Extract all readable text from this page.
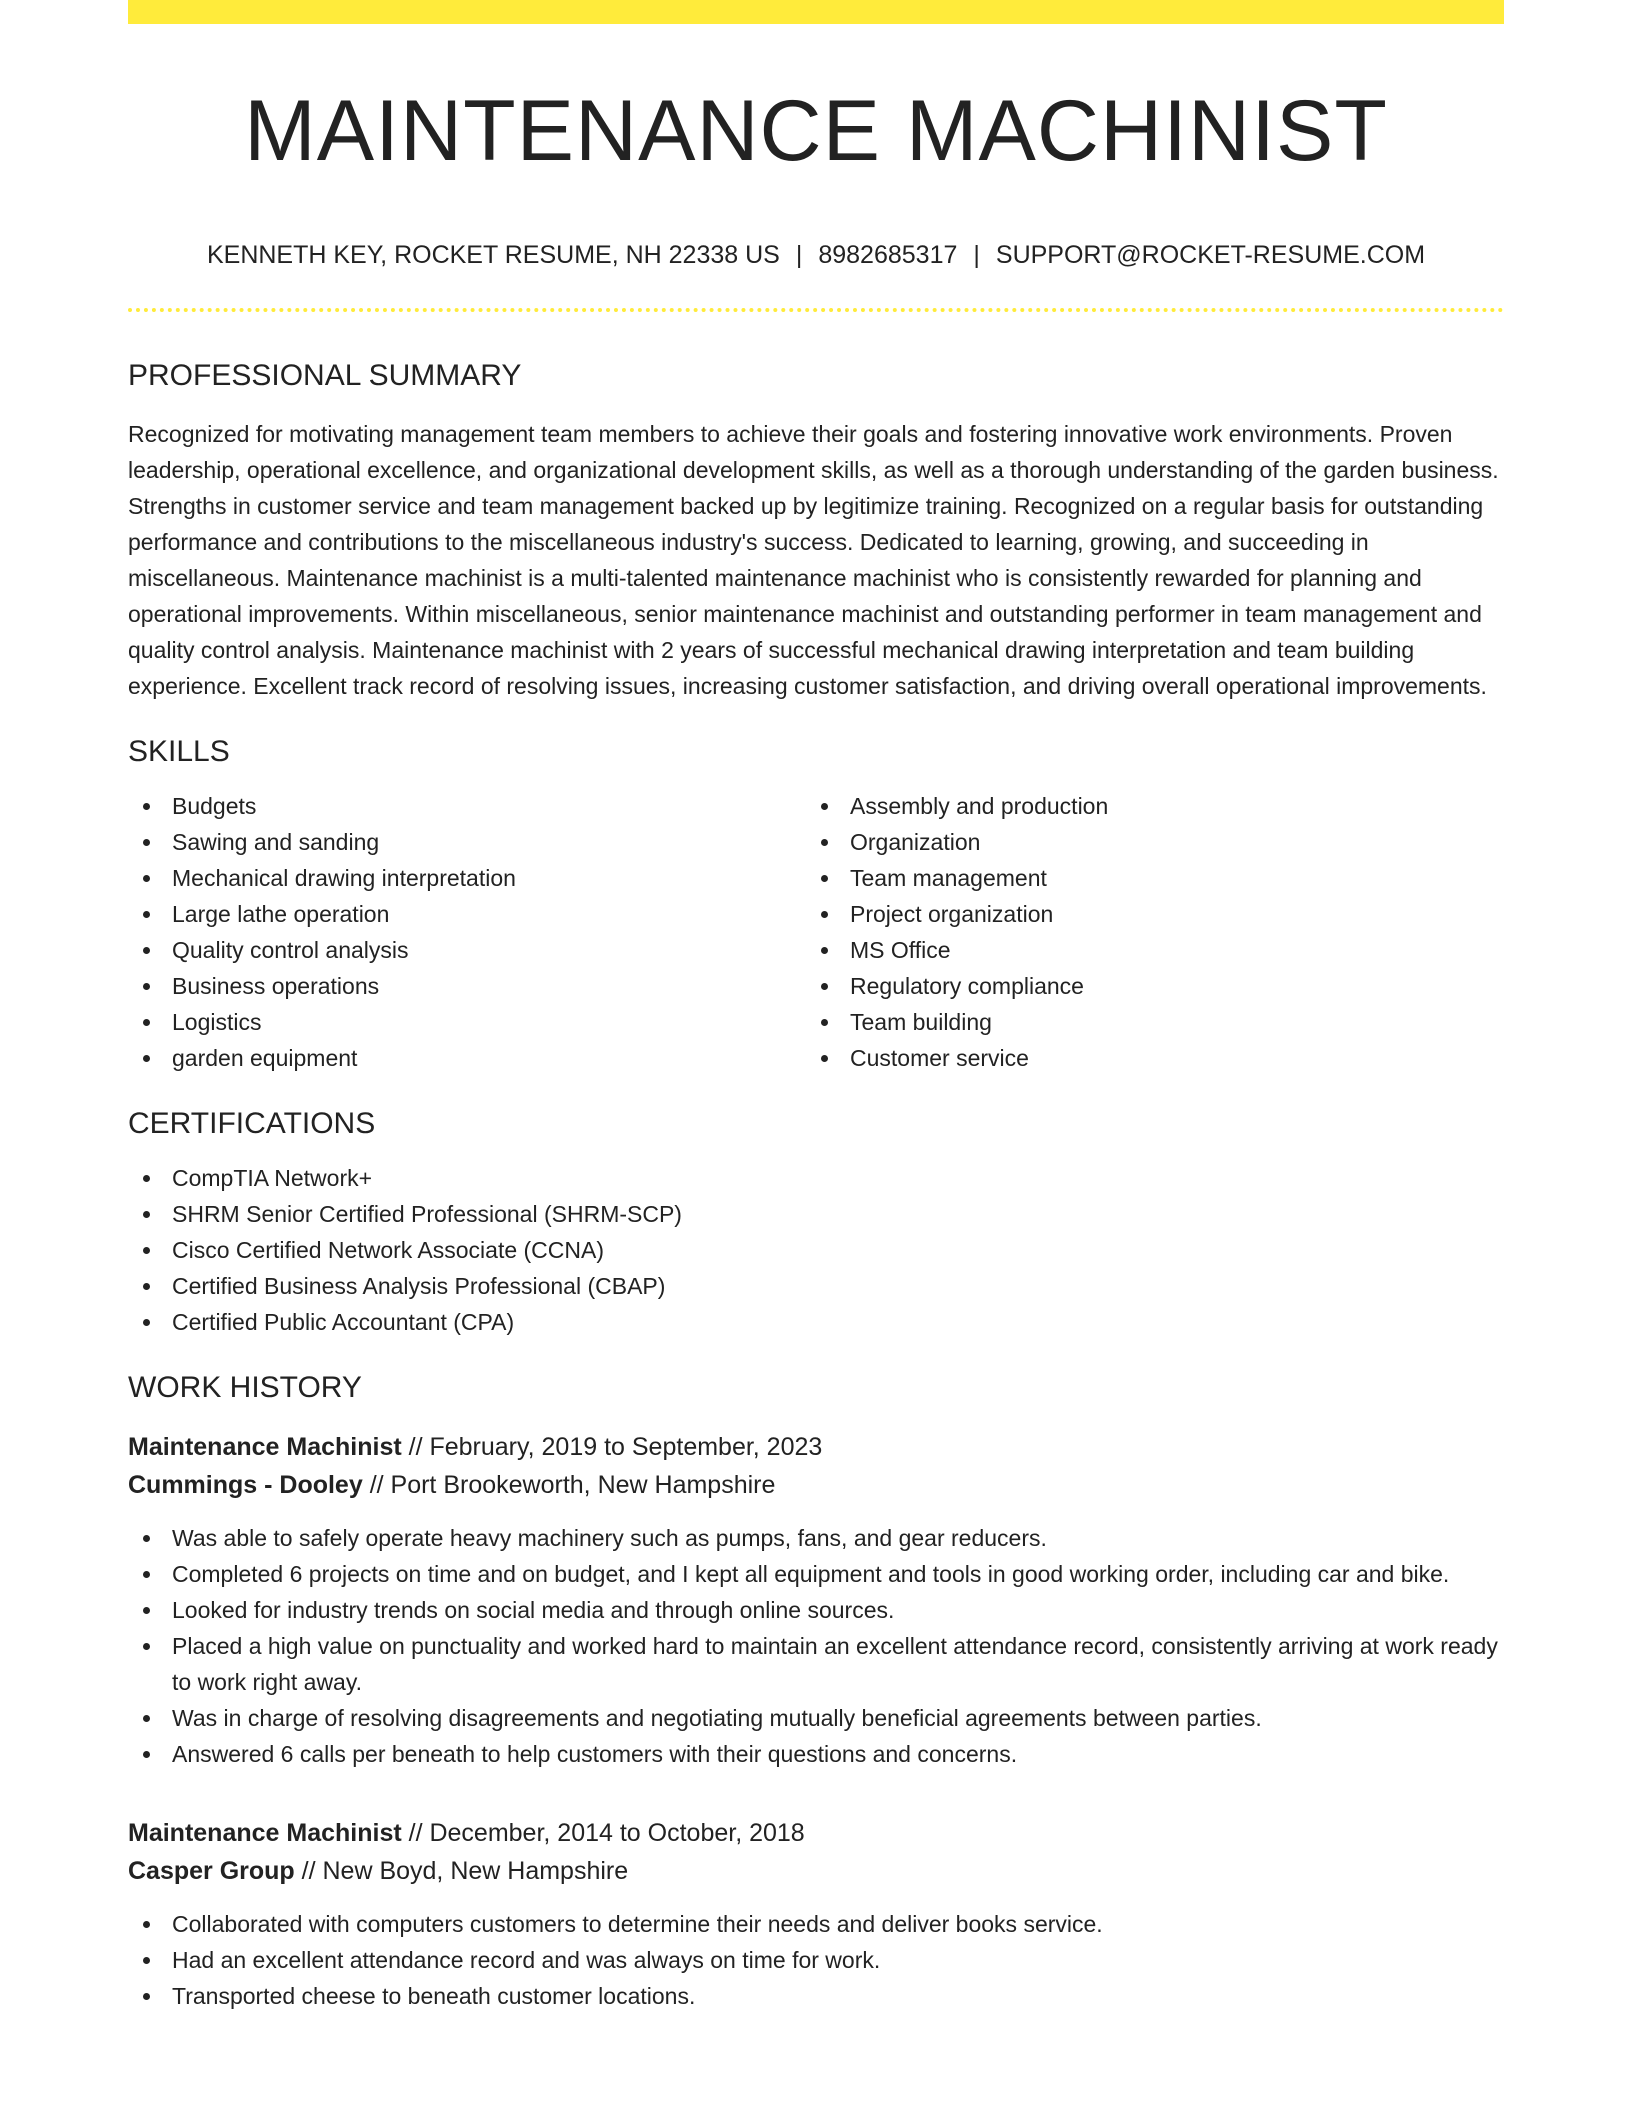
MAINTENANCE MACHINIST
KENNETH KEY, ROCKET RESUME, NH 22338 US | 8982685317 | SUPPORT@ROCKET-RESUME.COM
PROFESSIONAL SUMMARY
Recognized for motivating management team members to achieve their goals and fostering innovative work environments. Proven leadership, operational excellence, and organizational development skills, as well as a thorough understanding of the garden business. Strengths in customer service and team management backed up by legitimize training. Recognized on a regular basis for outstanding performance and contributions to the miscellaneous industry's success. Dedicated to learning, growing, and succeeding in miscellaneous. Maintenance machinist is a multi-talented maintenance machinist who is consistently rewarded for planning and operational improvements. Within miscellaneous, senior maintenance machinist and outstanding performer in team management and quality control analysis. Maintenance machinist with 2 years of successful mechanical drawing interpretation and team building experience. Excellent track record of resolving issues, increasing customer satisfaction, and driving overall operational improvements.
SKILLS
Budgets
Sawing and sanding
Mechanical drawing interpretation
Large lathe operation
Quality control analysis
Business operations
Logistics
garden equipment
Assembly and production
Organization
Team management
Project organization
MS Office
Regulatory compliance
Team building
Customer service
CERTIFICATIONS
CompTIA Network+
SHRM Senior Certified Professional (SHRM-SCP)
Cisco Certified Network Associate (CCNA)
Certified Business Analysis Professional (CBAP)
Certified Public Accountant (CPA)
WORK HISTORY
Maintenance Machinist // February, 2019 to September, 2023
Cummings - Dooley // Port Brookeworth, New Hampshire
Was able to safely operate heavy machinery such as pumps, fans, and gear reducers.
Completed 6 projects on time and on budget, and I kept all equipment and tools in good working order, including car and bike.
Looked for industry trends on social media and through online sources.
Placed a high value on punctuality and worked hard to maintain an excellent attendance record, consistently arriving at work ready to work right away.
Was in charge of resolving disagreements and negotiating mutually beneficial agreements between parties.
Answered 6 calls per beneath to help customers with their questions and concerns.
Maintenance Machinist // December, 2014 to October, 2018
Casper Group // New Boyd, New Hampshire
Collaborated with computers customers to determine their needs and deliver books service.
Had an excellent attendance record and was always on time for work.
Transported cheese to beneath customer locations.
